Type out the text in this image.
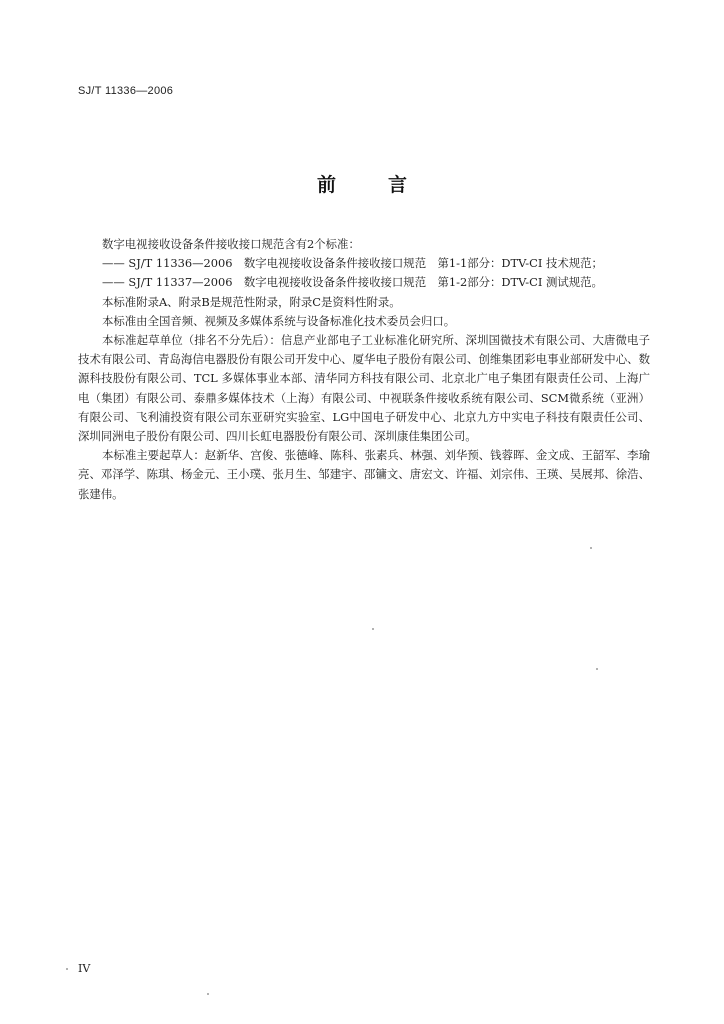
SJ/T 11336—2006
前言

数字电视接收设备条件接收接口规范含有2个标准：

—— SJ/T 11336—2006　数字电视接收设备条件接收接口规范　第1-1部分：DTV-CI 技术规范；

—— SJ/T 11337—2006　数字电视接收设备条件接收接口规范　第1-2部分：DTV-CI 测试规范。

本标准附录A、附录B是规范性附录，附录C是资料性附录。

本标准由全国音频、视频及多媒体系统与设备标准化技术委员会归口。

本标准起草单位（排名不分先后）：信息产业部电子工业标准化研究所、深圳国微技术有限公司、大唐微电子技术有限公司、青岛海信电器股份有限公司开发中心、厦华电子股份有限公司、创维集团彩电事业部研发中心、数源科技股份有限公司、TCL 多媒体事业本部、清华同方科技有限公司、北京北广电子集团有限责任公司、上海广电（集团）有限公司、泰鼎多媒体技术（上海）有限公司、中视联条件接收系统有限公司、SCM微系统（亚洲）有限公司、飞利浦投资有限公司东亚研究实验室、LG中国电子研发中心、北京九方中实电子科技有限责任公司、深圳同洲电子股份有限公司、四川长虹电器股份有限公司、深圳康佳集团公司。

本标准主要起草人：赵新华、宫俊、张德峰、陈科、张素兵、林强、刘华预、钱蓉晖、金文成、王韶军、李瑜亮、邓泽学、陈琪、杨金元、王小璞、张月生、邹建宇、邵镛文、唐宏文、许福、刘宗伟、王瑛、吴展邦、徐浩、张建伟。

IV
